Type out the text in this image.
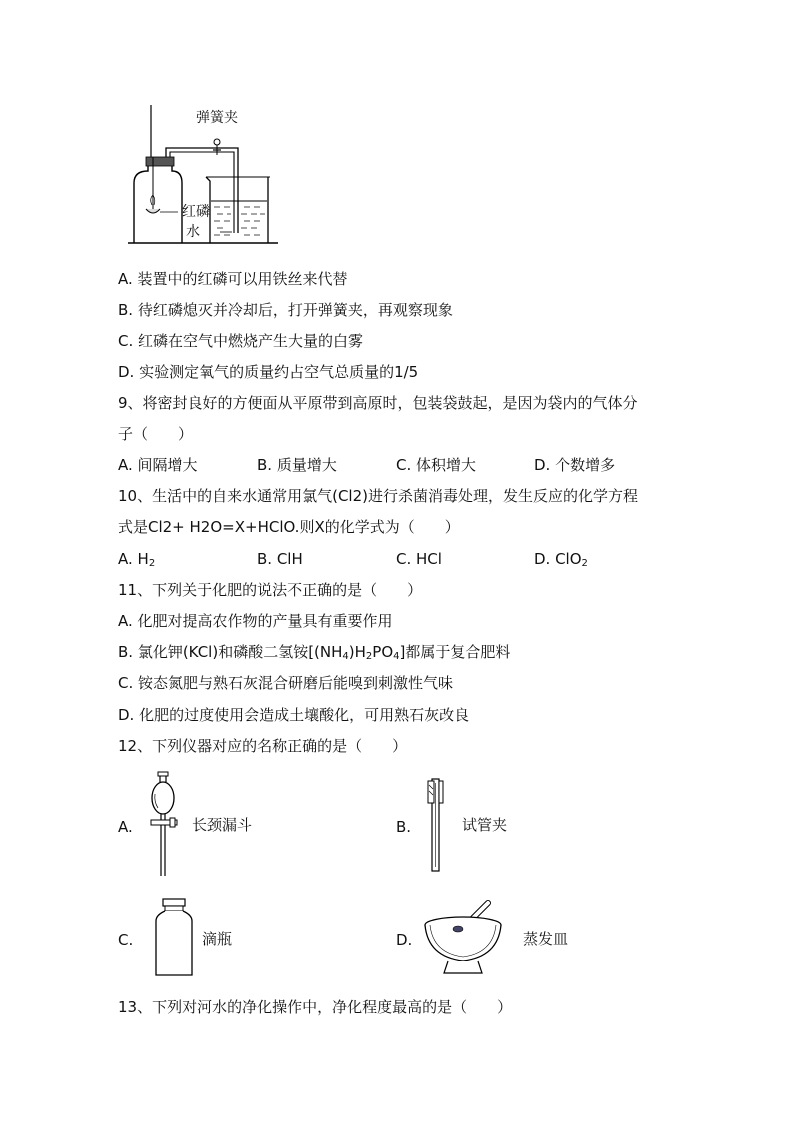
弹簧夹
红磷
水
A. 装置中的红磷可以用铁丝来代替
B. 待红磷熄灭并冷却后，打开弹簧夹，再观察现象
C. 红磷在空气中燃烧产生大量的白雾
D. 实验测定氧气的质量约占空气总质量的1/5
9、将密封良好的方便面从平原带到高原时，包装袋鼓起，是因为袋内的气体分
子（　　）
A. 间隔增大	B. 质量增大	C. 体积增大	D. 个数增多
10、生活中的自来水通常用氯气(Cl2)进行杀菌消毒处理，发生反应的化学方程
式是Cl2+ H2O=X+HClO.则X的化学式为（　　）
A. $H_2$	B. ClH	C. HCl	D. ClO$_2$
11、下列关于化肥的说法不正确的是（　　）
A. 化肥对提高农作物的产量具有重要作用
B. 氯化钾(KCl)和磷酸二氢铵$[(NH_4)H_2PO_4]$都属于复合肥料
C. 铵态氮肥与熟石灰混合研磨后能嗅到刺激性气味
D. 化肥的过度使用会造成土壤酸化，可用熟石灰改良
12、下列仪器对应的名称正确的是（　　）
A.	长颈漏斗	B.	试管夹
C.	滴瓶	D.	蒸发皿
13、下列对河水的净化操作中，净化程度最高的是（　　）
